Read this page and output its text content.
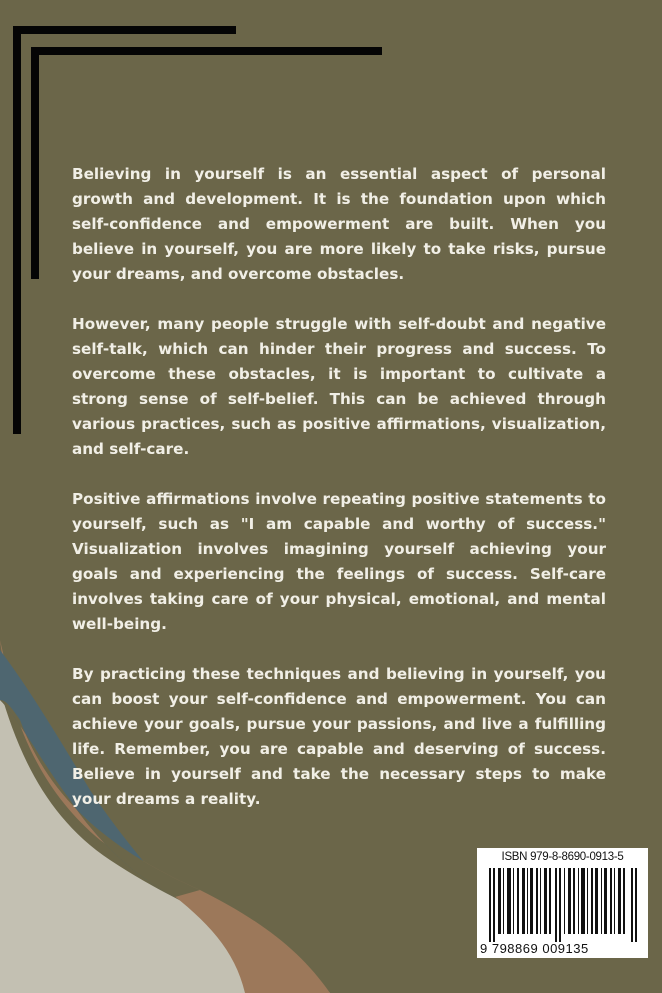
Believing in yourself is an essential aspect of personal growth and development. It is the foundation upon which self-confidence and empowerment are built. When you believe in yourself, you are more likely to take risks, pursue your dreams, and overcome obstacles.

However, many people struggle with self-doubt and negative self-talk, which can hinder their progress and success. To overcome these obstacles, it is important to cultivate a strong sense of self-belief. This can be achieved through various practices, such as positive affirmations, visualization, and self-care.

Positive affirmations involve repeating positive statements to yourself, such as "I am capable and worthy of success." Visualization involves imagining yourself achieving your goals and experiencing the feelings of success. Self-care involves taking care of your physical, emotional, and mental well-being.

By practicing these techniques and believing in yourself, you can boost your self-confidence and empowerment. You can achieve your goals, pursue your passions, and live a fulfilling life. Remember, you are capable and deserving of success. Believe in yourself and take the necessary steps to make your dreams a reality.

ISBN 979-8-8690-0913-5
9 798869 009135
